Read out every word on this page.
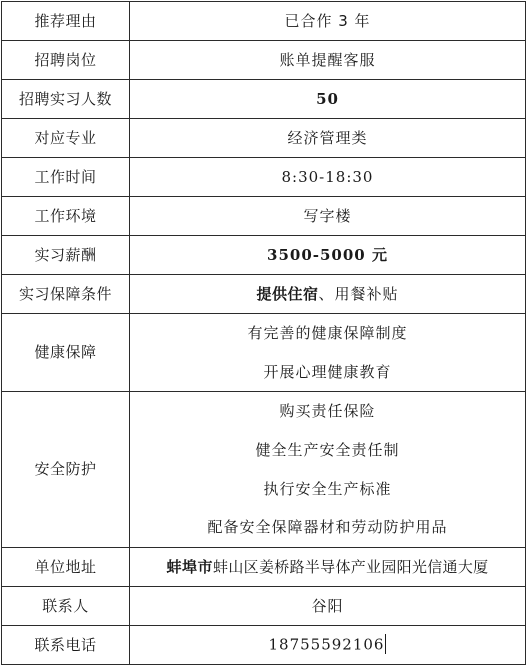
推荐理由	已合作 3 年
招聘岗位	账单提醒客服
招聘实习人数	50
对应专业	经济管理类
工作时间	8:30-18:30
工作环境	写字楼
实习薪酬	3500-5000 元
实习保障条件	提供住宿、用餐补贴
健康保障	有完善的健康保障制度
开展心理健康教育

安全防护	购买责任保险
健全生产安全责任制
执行安全生产标准
配备安全保障器材和劳动防护用品

单位地址	蚌埠市蚌山区姜桥路半导体产业园阳光信通大厦
联系人	谷阳
联系电话	18755592106
